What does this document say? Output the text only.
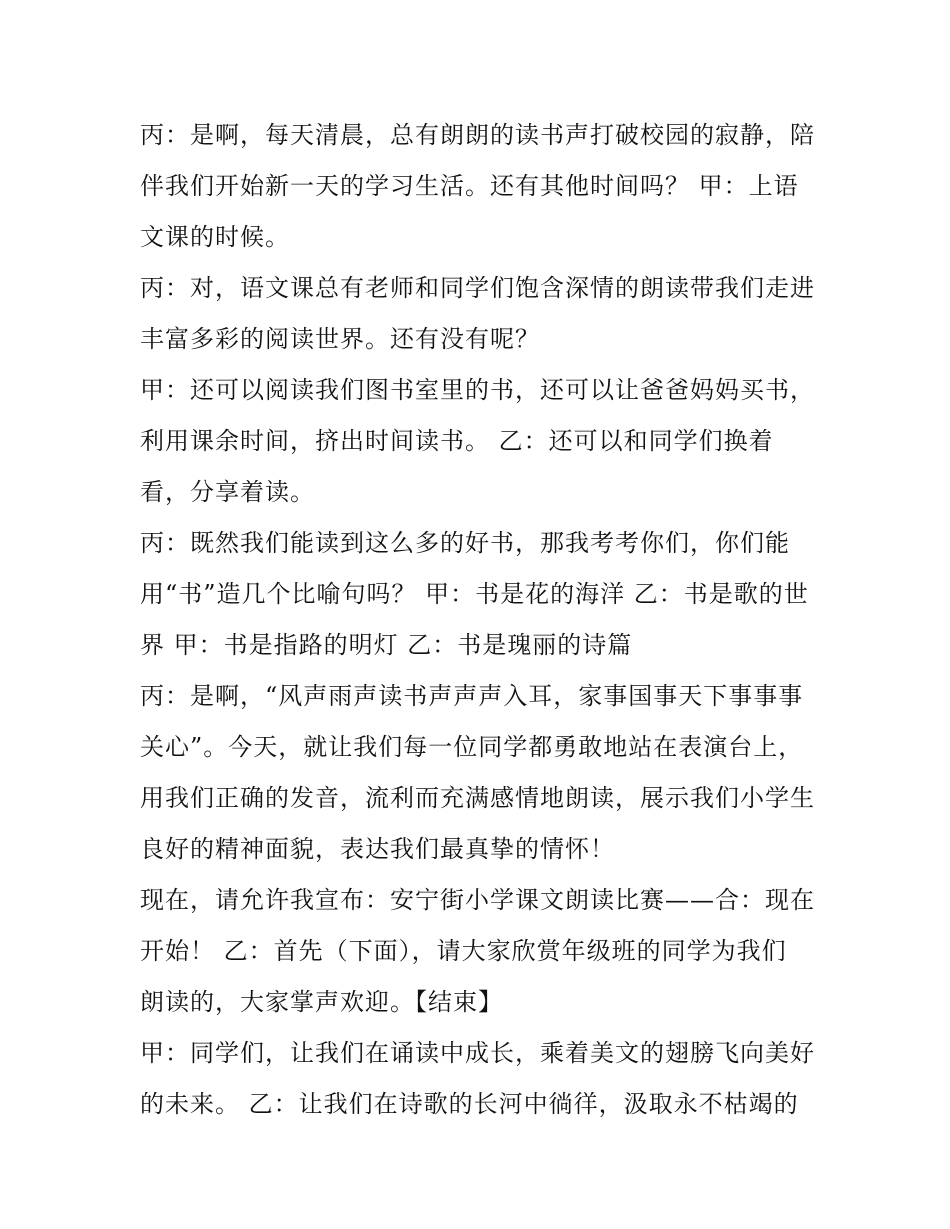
丙：是啊，每天清晨，总有朗朗的读书声打破校园的寂静，陪
伴我们开始新一天的学习生活。还有其他时间吗？ 甲：上语
文课的时候。
丙：对，语文课总有老师和同学们饱含深情的朗读带我们走进
丰富多彩的阅读世界。还有没有呢？
甲：还可以阅读我们图书室里的书，还可以让爸爸妈妈买书，
利用课余时间，挤出时间读书。 乙：还可以和同学们换着
看，分享着读。
丙：既然我们能读到这么多的好书，那我考考你们，你们能
用“书”造几个比喻句吗？ 甲：书是花的海洋 乙：书是歌的世
界 甲：书是指路的明灯 乙：书是瑰丽的诗篇
丙：是啊，“风声雨声读书声声声入耳，家事国事天下事事事
关心”。今天，就让我们每一位同学都勇敢地站在表演台上，
用我们正确的发音，流利而充满感情地朗读，展示我们小学生
良好的精神面貌，表达我们最真挚的情怀！
现在，请允许我宣布：安宁街小学课文朗读比赛——合：现在
开始！ 乙：首先（下面），请大家欣赏年级班的同学为我们
朗读的，大家掌声欢迎。【结束】
甲：同学们，让我们在诵读中成长，乘着美文的翅膀飞向美好
的未来。 乙：让我们在诗歌的长河中徜徉，汲取永不枯竭的
